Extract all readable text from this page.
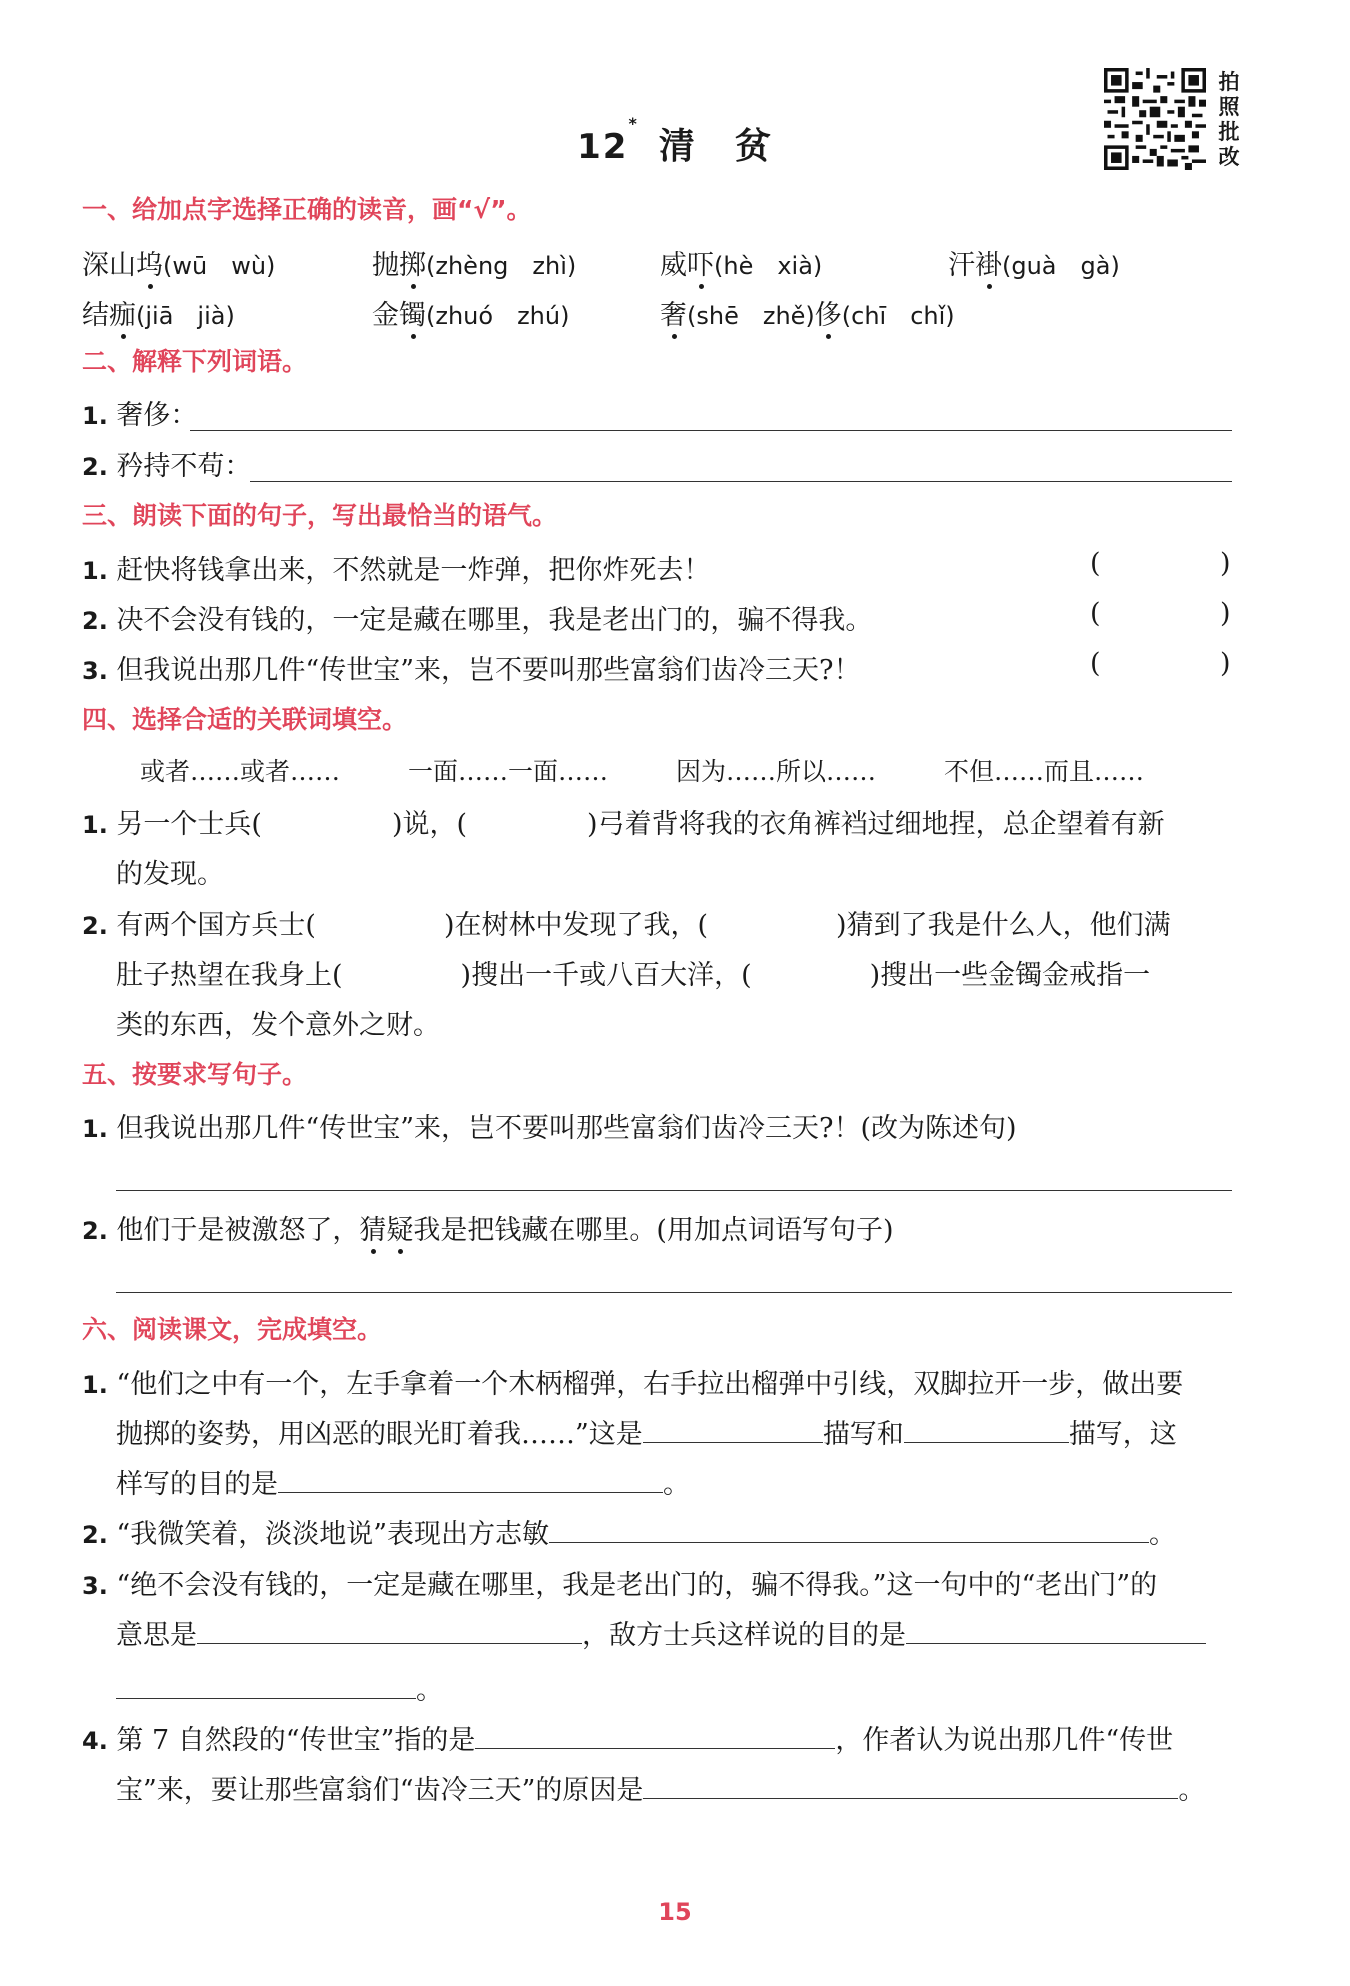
12*清　贫
拍照批改
一、给加点字选择正确的读音，画“√”。
深山坞(wū　wù)	抛掷(zhèng　zhì)	威吓(hè　xià)	汗褂(guà　gà)
结痂(jiā　jià)	金镯(zhuó　zhú)	奢(shē　zhě)侈(chī　chǐ)
二、解释下列词语。
1. 奢侈：
2. 矜持不苟：
三、朗读下面的句子，写出最恰当的语气。
1. 赶快将钱拿出来，不然就是一炸弹，把你炸死去！	(	)
2. 决不会没有钱的，一定是藏在哪里，我是老出门的，骗不得我。	(	)
3. 但我说出那几件“传世宝”来，岂不要叫那些富翁们齿冷三天?！	(	)
四、选择合适的关联词填空。
或者……或者……	一面……一面……	因为……所以……	不但……而且……
1. 另一个士兵(	)说，(	)弓着背将我的衣角裤裆过细地捏，总企望着有新
的发现。
2. 有两个国方兵士(	)在树林中发现了我，(	)猜到了我是什么人，他们满
肚子热望在我身上(	)搜出一千或八百大洋，(	)搜出一些金镯金戒指一
类的东西，发个意外之财。
五、按要求写句子。
1. 但我说出那几件“传世宝”来，岂不要叫那些富翁们齿冷三天?！(改为陈述句)
2. 他们于是被激怒了，猜疑我是把钱藏在哪里。(用加点词语写句子)
六、阅读课文，完成填空。
1. “他们之中有一个，左手拿着一个木柄榴弹，右手拉出榴弹中引线，双脚拉开一步，做出要
抛掷的姿势，用凶恶的眼光盯着我……”这是	描写和	描写，这
样写的目的是	。
2. “我微笑着，淡淡地说”表现出方志敏	。
3. “绝不会没有钱的，一定是藏在哪里，我是老出门的，骗不得我。”这一句中的“老出门”的
意思是	，敌方士兵这样说的目的是
。
4. 第 7 自然段的“传世宝”指的是	，作者认为说出那几件“传世
宝”来，要让那些富翁们“齿冷三天”的原因是	。
15
